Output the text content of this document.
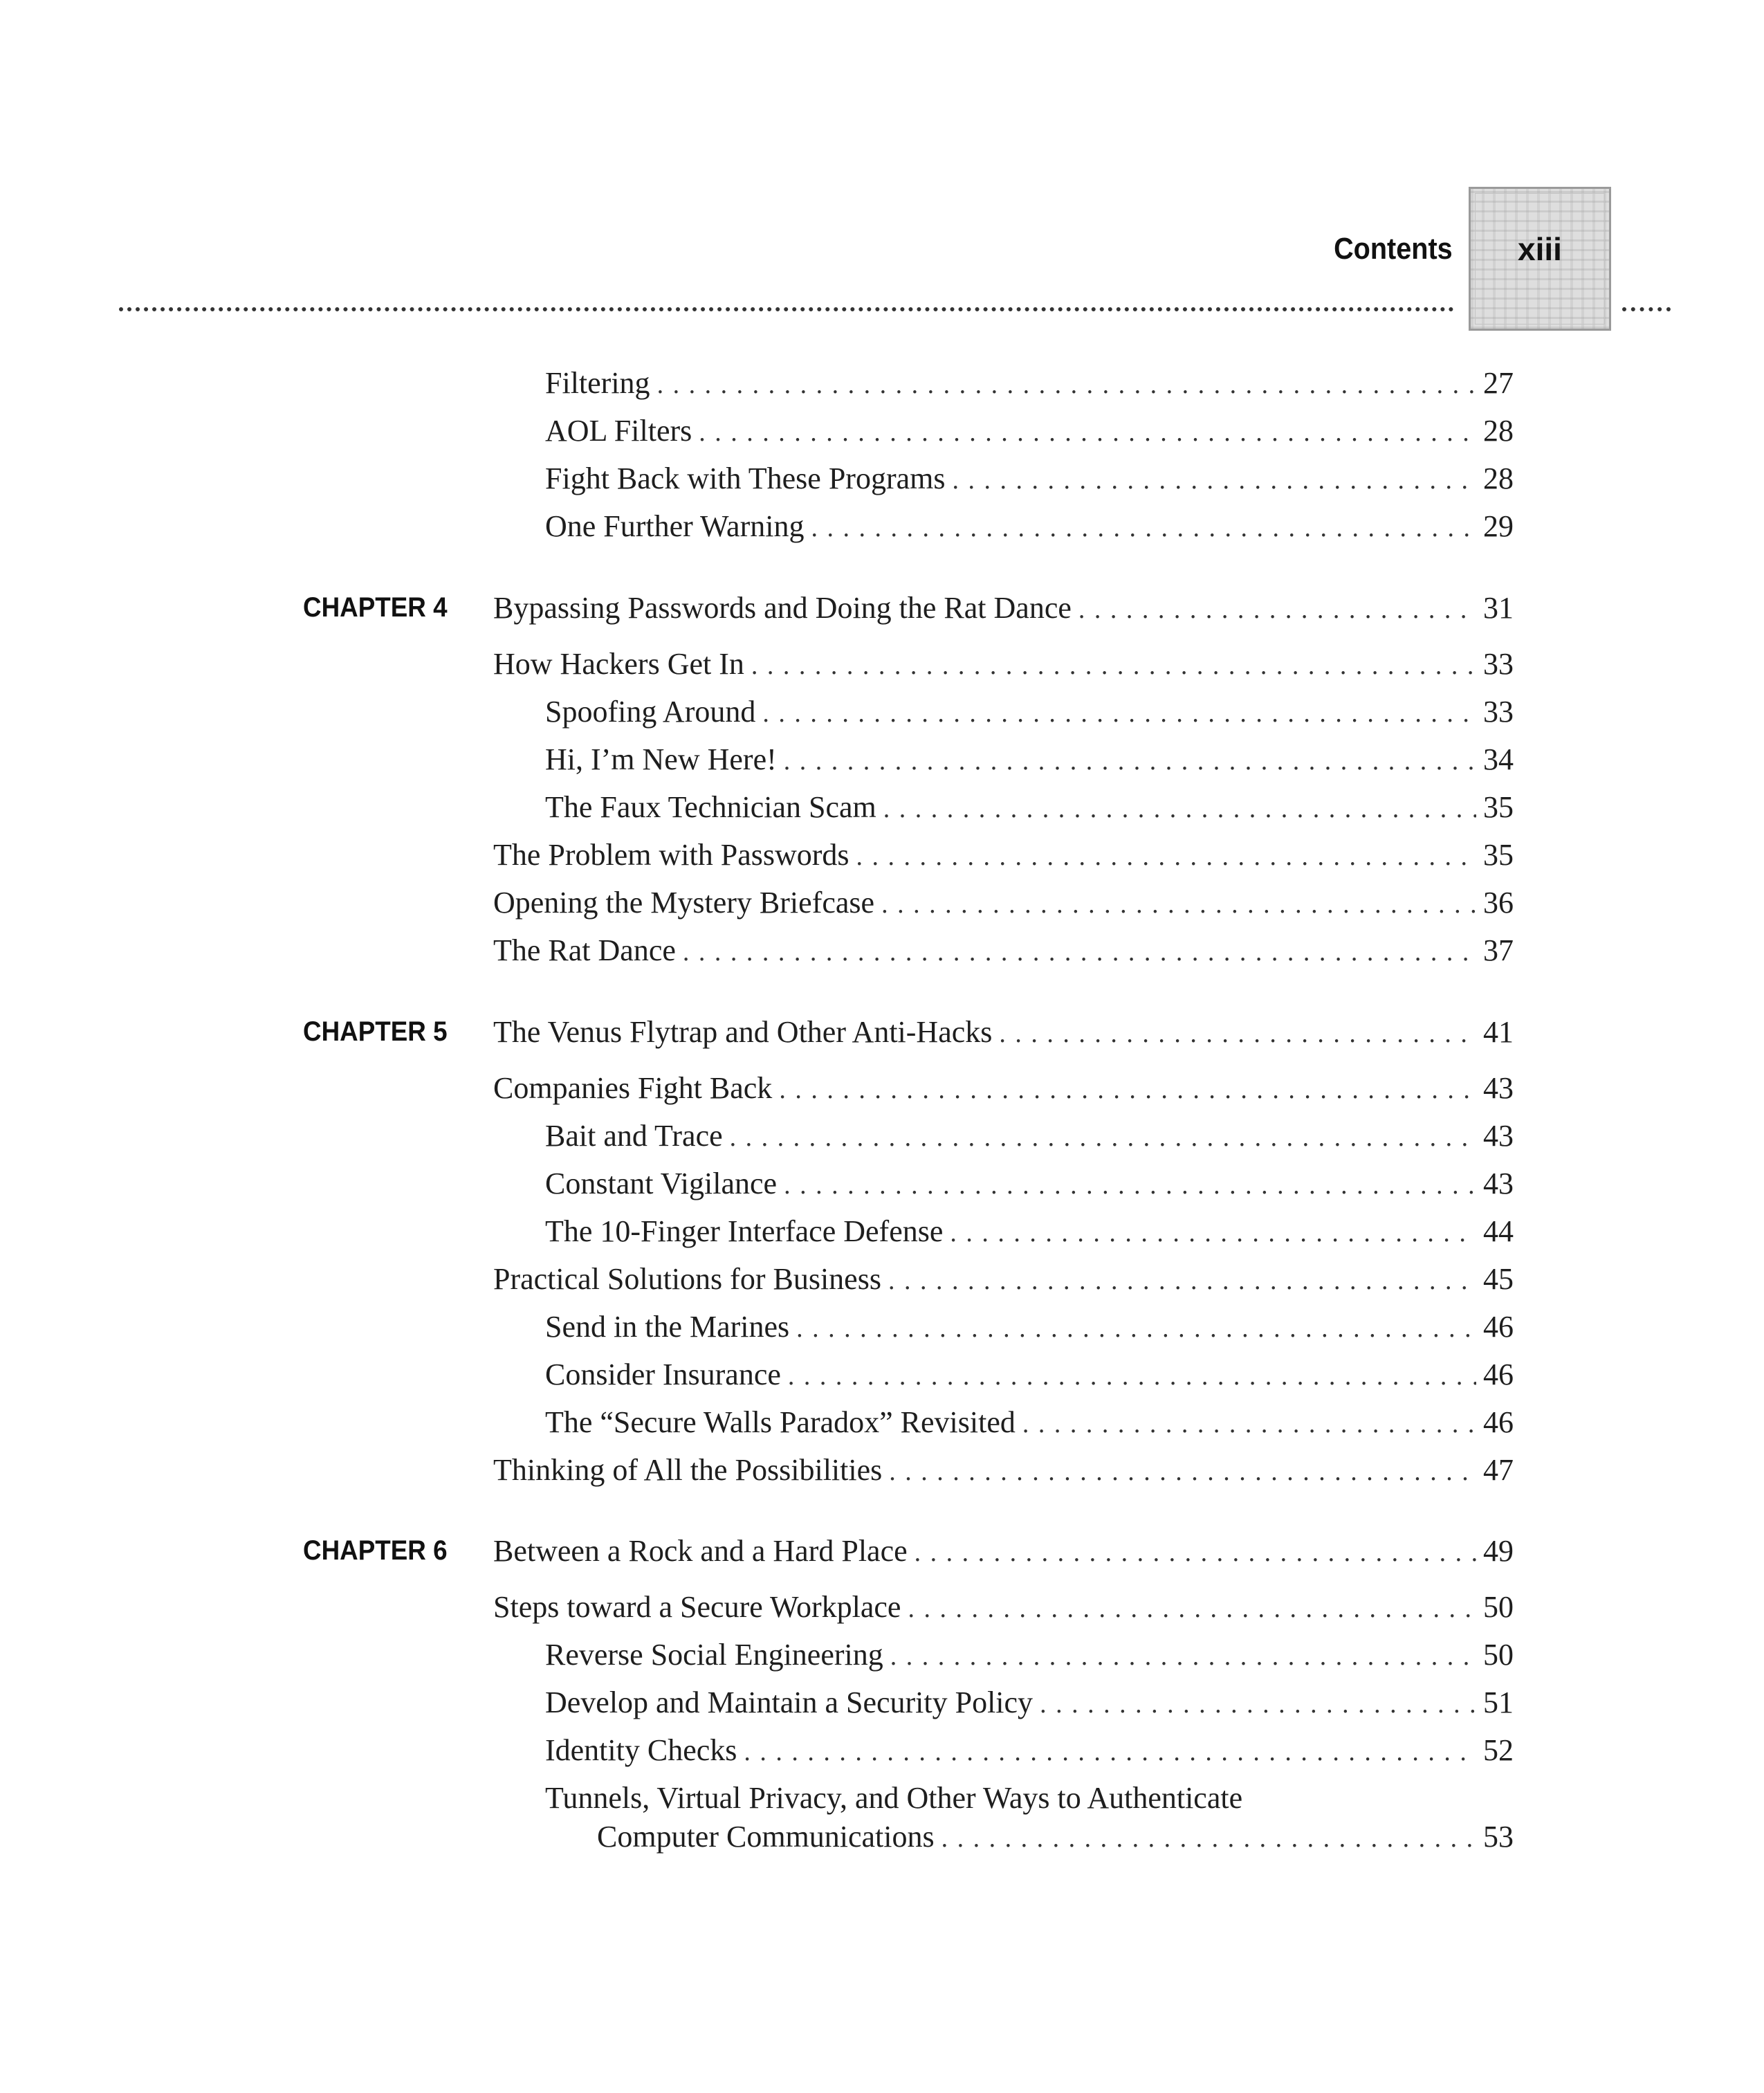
Contents xiii
Filtering . . .	27
AOL Filters . . .	28
Fight Back with These Programs . . .	28
One Further Warning . . .	29
CHAPTER 4 Bypassing Passwords and Doing the Rat Dance . . .	31
How Hackers Get In . . .	33
Spoofing Around . . .	33
Hi, I’m New Here! . . .	34
The Faux Technician Scam . . .	35
The Problem with Passwords . . .	35
Opening the Mystery Briefcase . . .	36
The Rat Dance . . .	37
CHAPTER 5 The Venus Flytrap and Other Anti-Hacks . . .	41
Companies Fight Back . . .	43
Bait and Trace . . .	43
Constant Vigilance . . .	43
The 10-Finger Interface Defense . . .	44
Practical Solutions for Business . . .	45
Send in the Marines . . .	46
Consider Insurance . . .	46
The “Secure Walls Paradox” Revisited . . .	46
Thinking of All the Possibilities . . .	47
CHAPTER 6 Between a Rock and a Hard Place . . .	49
Steps toward a Secure Workplace . . .	50
Reverse Social Engineering . . .	50
Develop and Maintain a Security Policy . . .	51
Identity Checks . . .	52
Tunnels, Virtual Privacy, and Other Ways to Authenticate
Computer Communications . . .	53
